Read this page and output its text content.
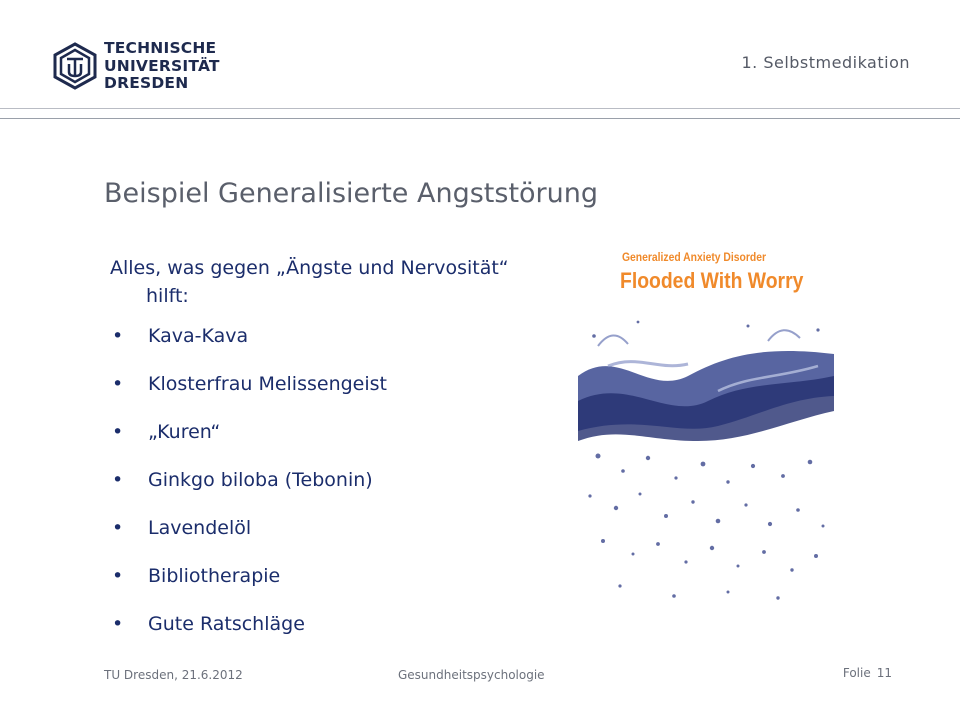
TECHNISCHE
UNIVERSITÄT
DRESDEN
1. Selbstmedikation
Beispiel Generalisierte Angststörung

Alles, was gegen „Ängste und Nervosität“ hilft:

• Kava-Kava
• Klosterfrau Melissengeist
• „Kuren“
• Ginkgo biloba (Tebonin)
• Lavendelöl
• Bibliotherapie
• Gute Ratschläge
Generalized Anxiety Disorder
Flooded With Worry
TU Dresden, 21.6.2012	Gesundheitspsychologie	Folie 11
